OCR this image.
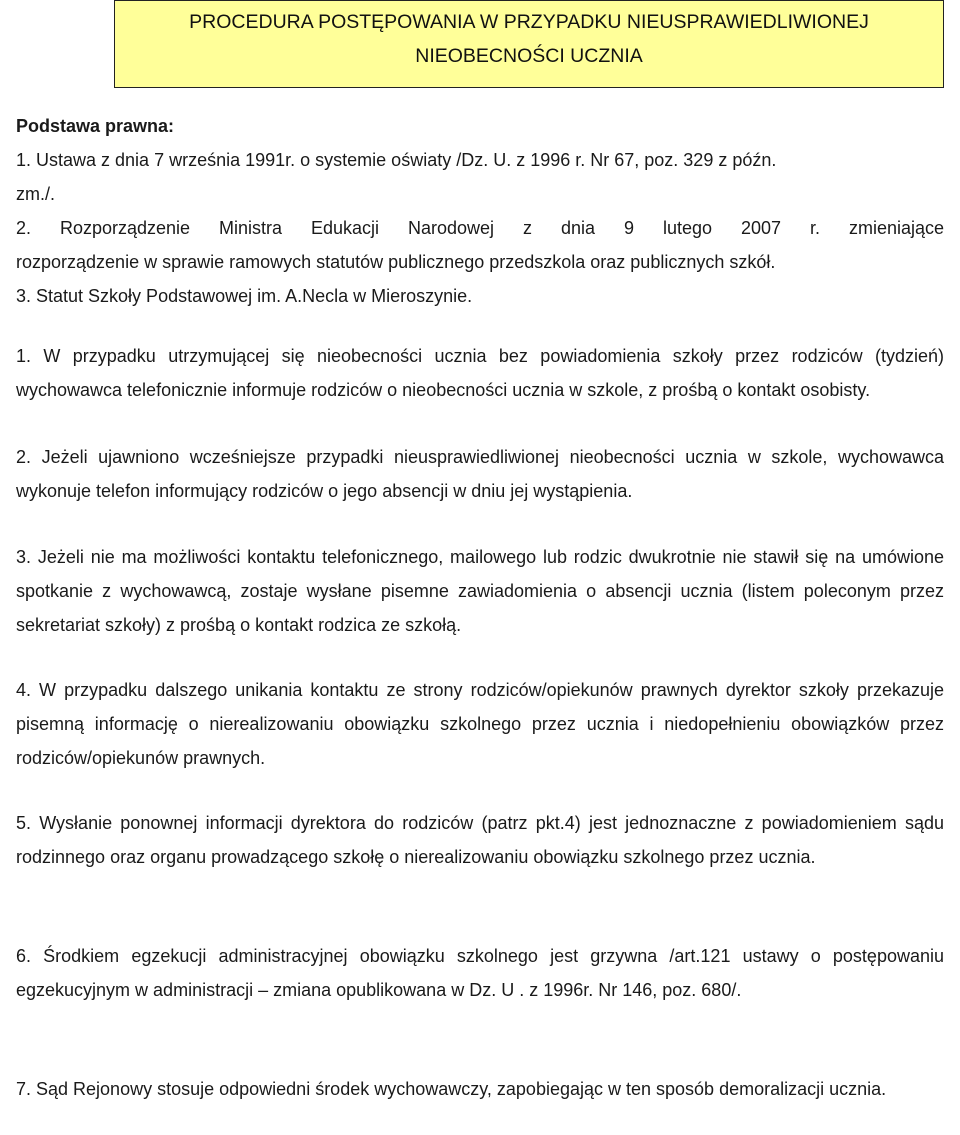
PROCEDURA POSTĘPOWANIA W PRZYPADKU NIEUSPRAWIEDLIWIONEJ
NIEOBECNOŚCI UCZNIA
Podstawa prawna:
1. Ustawa z dnia 7 września 1991r. o systemie oświaty /Dz. U. z 1996 r. Nr 67, poz. 329 z późn.
zm./.
2. Rozporządzenie Ministra Edukacji Narodowej z dnia 9 lutego 2007 r. zmieniające
rozporządzenie w sprawie ramowych statutów publicznego przedszkola oraz publicznych szkół.
3. Statut Szkoły Podstawowej im. A.Necla w Mieroszynie.

1. W przypadku utrzymującej się nieobecności ucznia bez powiadomienia szkoły przez rodziców (tydzień) wychowawca telefonicznie informuje rodziców o nieobecności ucznia w szkole, z prośbą o kontakt osobisty.

2. Jeżeli ujawniono wcześniejsze przypadki nieusprawiedliwionej nieobecności ucznia w szkole, wychowawca wykonuje telefon informujący rodziców o jego absencji w dniu jej wystąpienia.

3. Jeżeli nie ma możliwości kontaktu telefonicznego, mailowego lub rodzic dwukrotnie nie stawił się na umówione spotkanie z wychowawcą, zostaje wysłane pisemne zawiadomienia o absencji ucznia (listem poleconym przez sekretariat szkoły) z prośbą o kontakt rodzica ze szkołą.

4. W przypadku dalszego unikania kontaktu ze strony rodziców/opiekunów prawnych dyrektor szkoły przekazuje pisemną informację o nierealizowaniu obowiązku szkolnego przez ucznia i niedopełnieniu obowiązków przez rodziców/opiekunów prawnych.

5. Wysłanie ponownej informacji dyrektora do rodziców (patrz pkt.4) jest jednoznaczne z powiadomieniem sądu rodzinnego oraz organu prowadzącego szkołę o nierealizowaniu obowiązku szkolnego przez ucznia.

6. Środkiem egzekucji administracyjnej obowiązku szkolnego jest grzywna /art.121 ustawy o postępowaniu egzekucyjnym w administracji – zmiana opublikowana w Dz. U . z 1996r. Nr 146, poz. 680/.

7. Sąd Rejonowy stosuje odpowiedni środek wychowawczy, zapobiegając w ten sposób demoralizacji ucznia.
